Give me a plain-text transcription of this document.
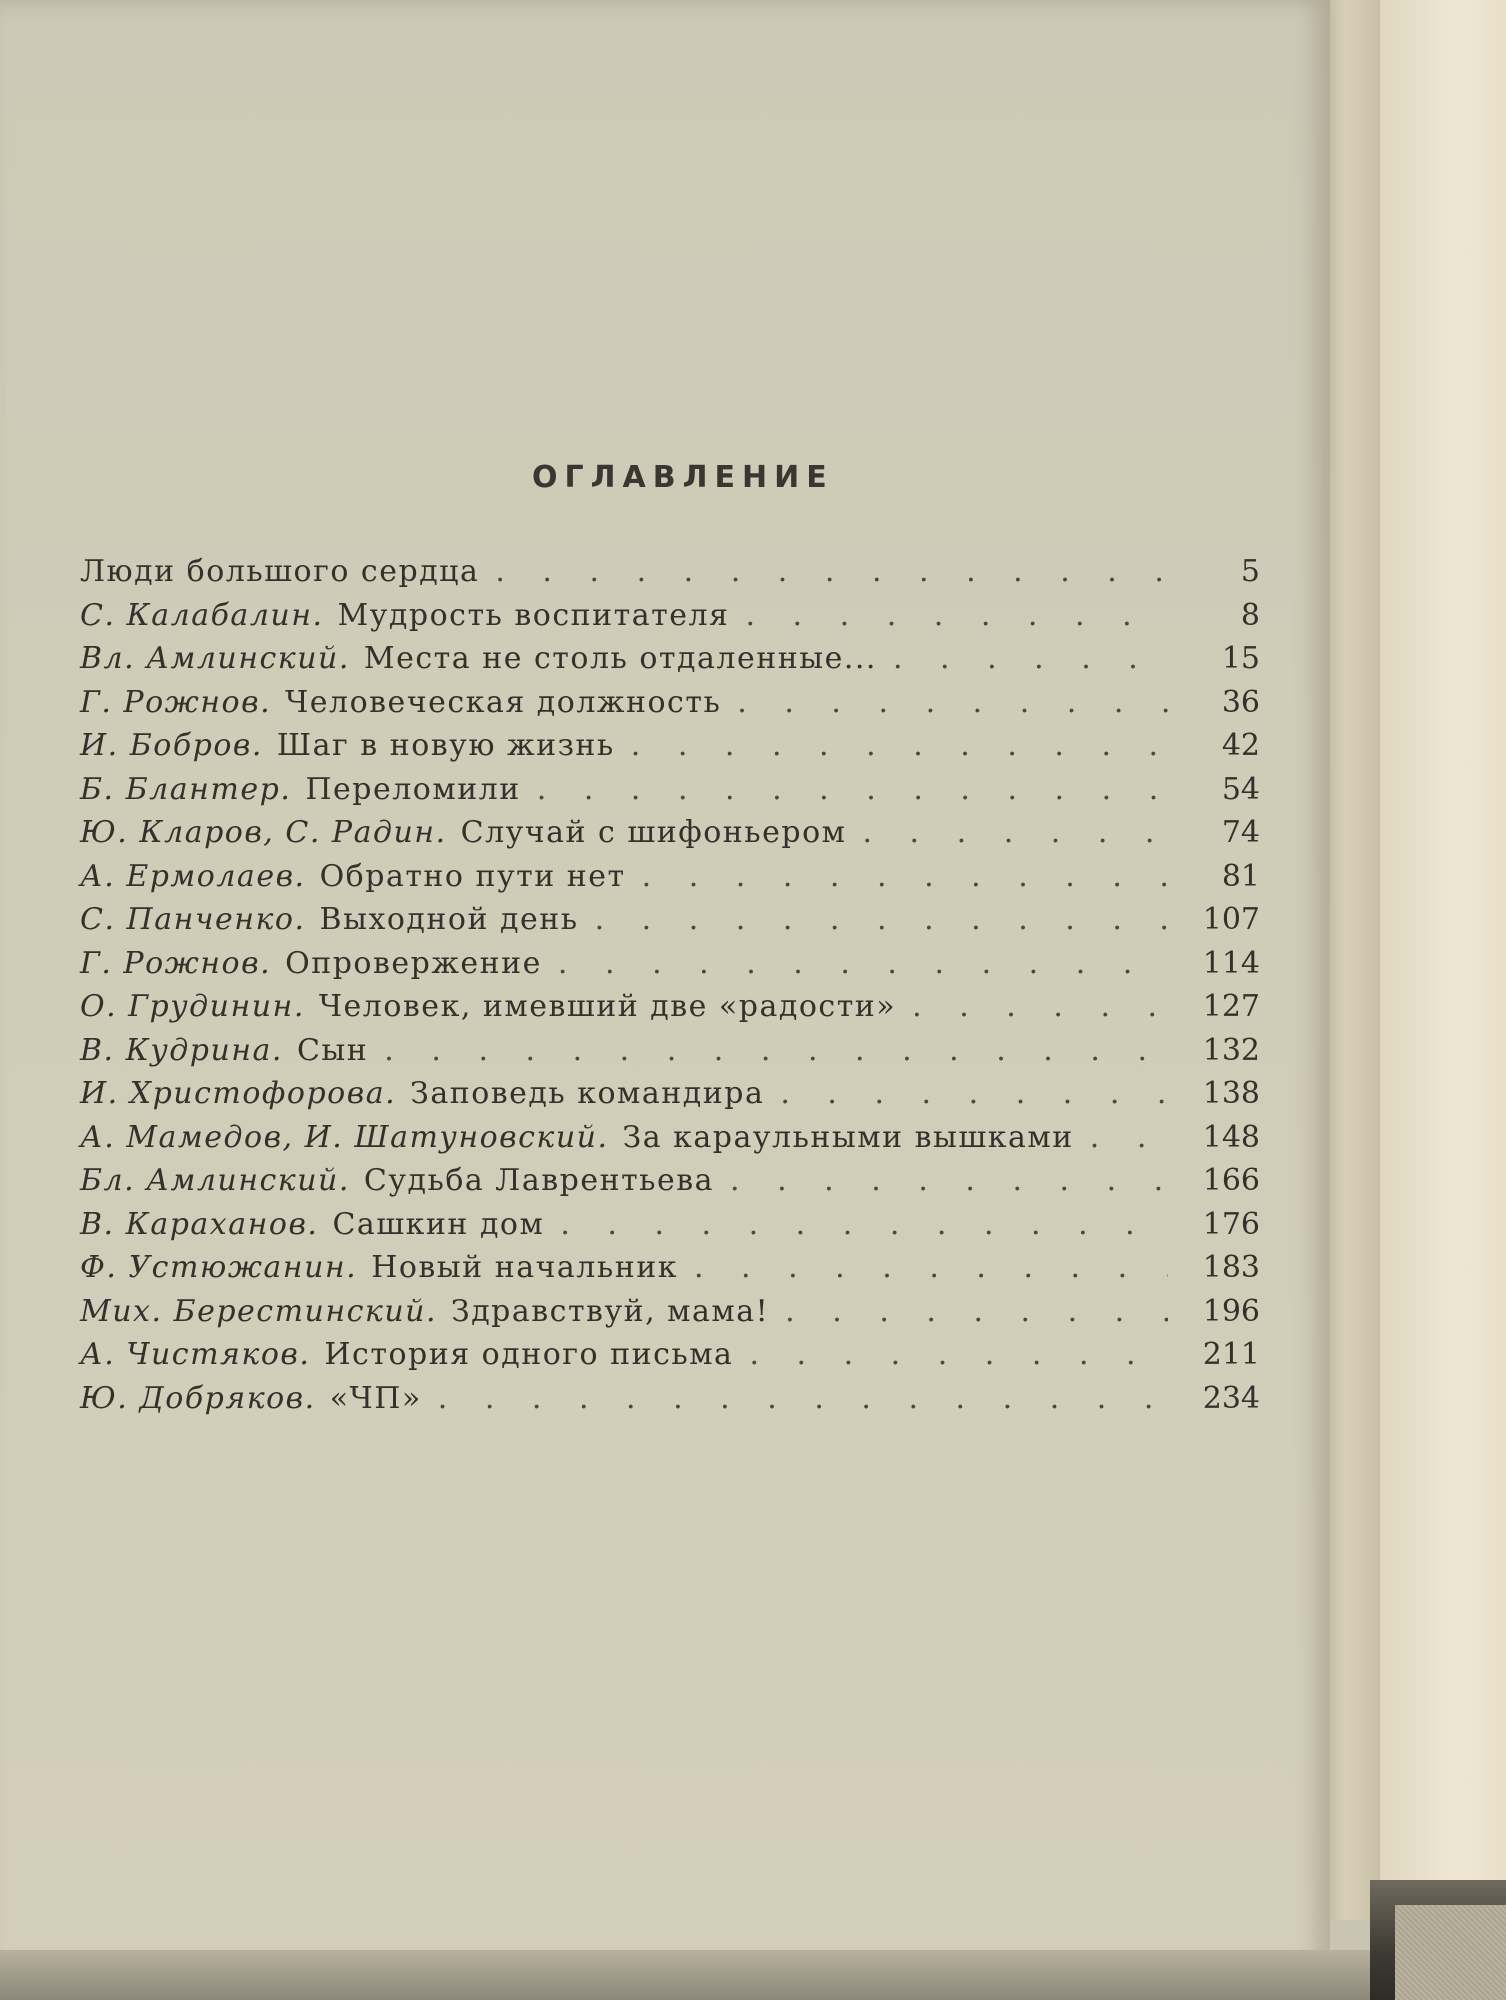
ОГЛАВЛЕНИЕ
Люди большого сердца . . .	5
С. Калабалин. Мудрость воспитателя . . .	8
Вл. Амлинский. Места не столь отдаленные... . . .	15
Г. Рожнов. Человеческая должность . . .	36
И. Бобров. Шаг в новую жизнь . . .	42
Б. Блантер. Переломили . . .	54
Ю. Кларов, С. Радин. Случай с шифоньером . . .	74
А. Ермолаев. Обратно пути нет . . .	81
С. Панченко. Выходной день . . .	107
Г. Рожнов. Опровержение . . .	114
О. Грудинин. Человек, имевший две «радости» . . .	127
В. Кудрина. Сын . . .	132
И. Христофорова. Заповедь командира . . .	138
А. Мамедов, И. Шатуновский. За караульными вышками . . .	148
Бл. Амлинский. Судьба Лаврентьева . . .	166
В. Караханов. Сашкин дом . . .	176
Ф. Устюжанин. Новый начальник . . .	183
Мих. Берестинский. Здравствуй, мама! . . .	196
А. Чистяков. История одного письма . . .	211
Ю. Добряков. «ЧП» . . .	234
